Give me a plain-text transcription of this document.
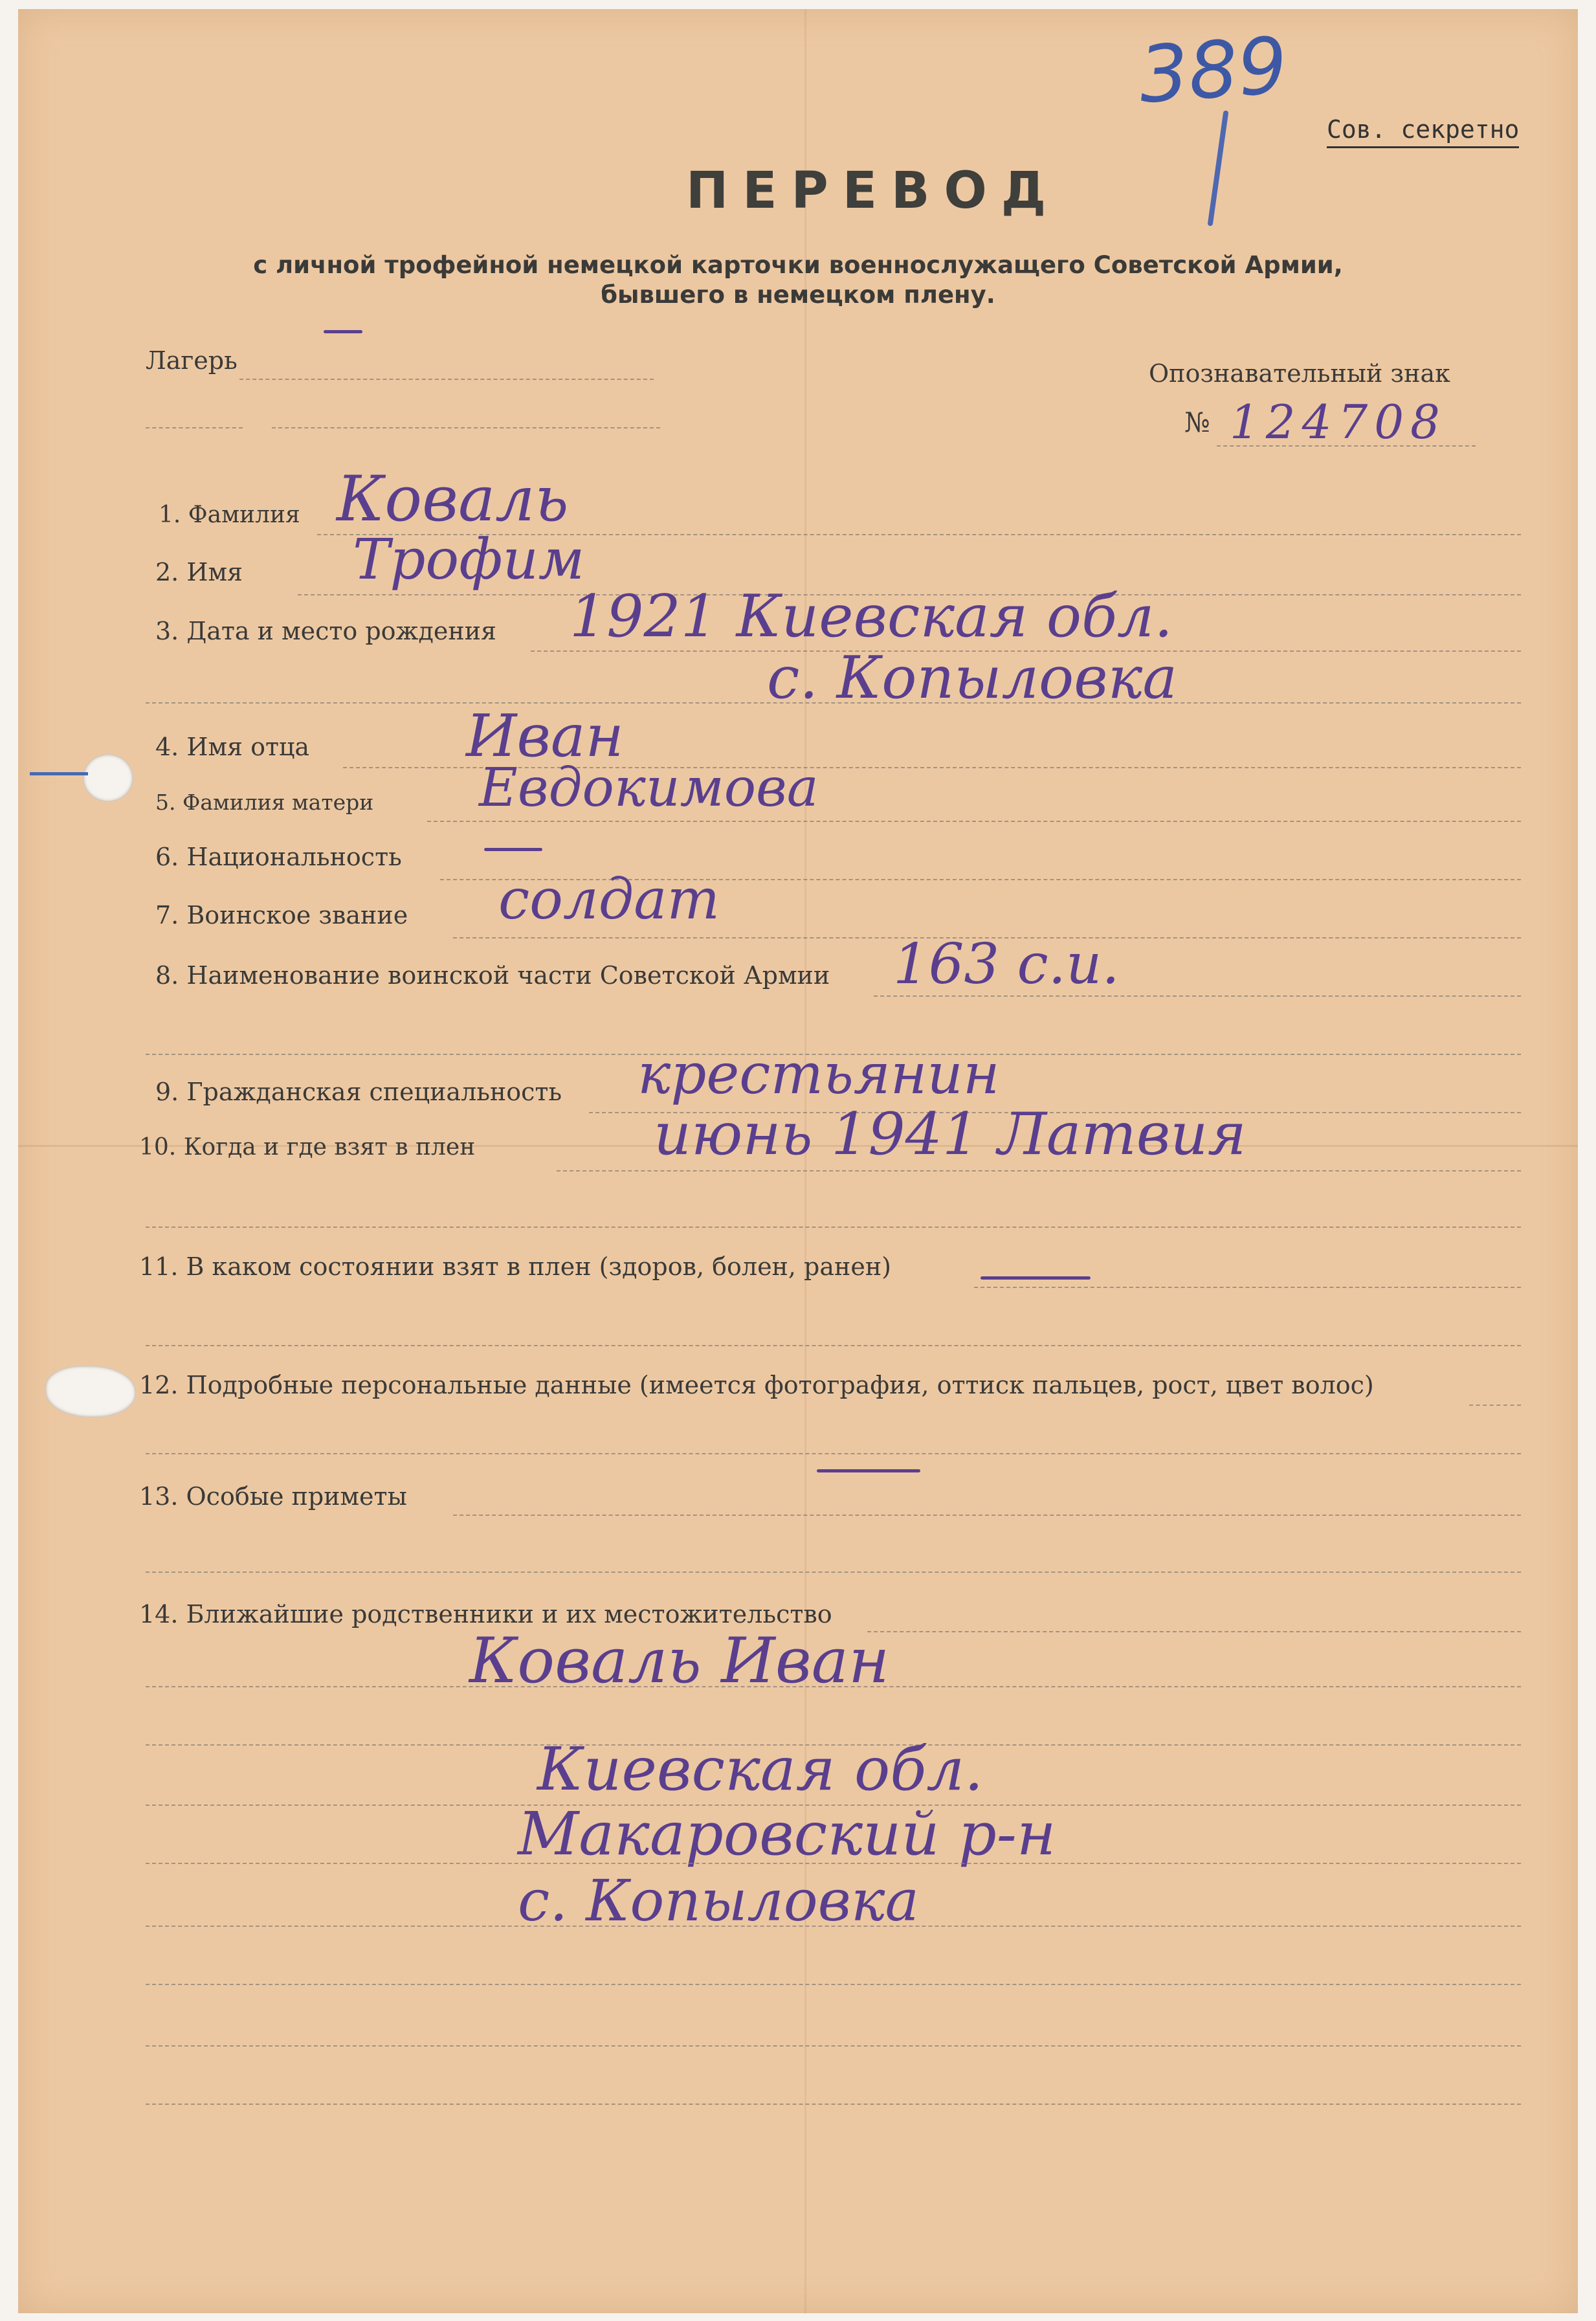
389
Сов. секретно
ПЕРЕВОД
с личной трофейной немецкой карточки военнослужащего Советской Армии,
бывшего в немецком плену.
Лагерь	Опознавательный знак
№ 124708
1. Фамилия Коваль
2. Имя Трофим
3. Дата и место рождения 1921 Киевская обл.
с. Копыловка
4. Имя отца	Иван
5. Фамилия матери Евдокимова
6. Национальность
7. Воинское звание солдат
8. Наименование воинской части Советской Армии 163 с.и.
9. Гражданская специальность крестьянин
10. Когда и где взят в плен	июнь 1941 Латвия
11. В каком состоянии взят в плен (здоров, болен, ранен)
12. Подробные персональные данные (имеется фотография, оттиск пальцев, рост, цвет волос)
13. Особые приметы
14. Ближайшие родственники и их местожительство
Коваль Иван
Киевская обл.
Макаровский р-н
с. Копыловка
